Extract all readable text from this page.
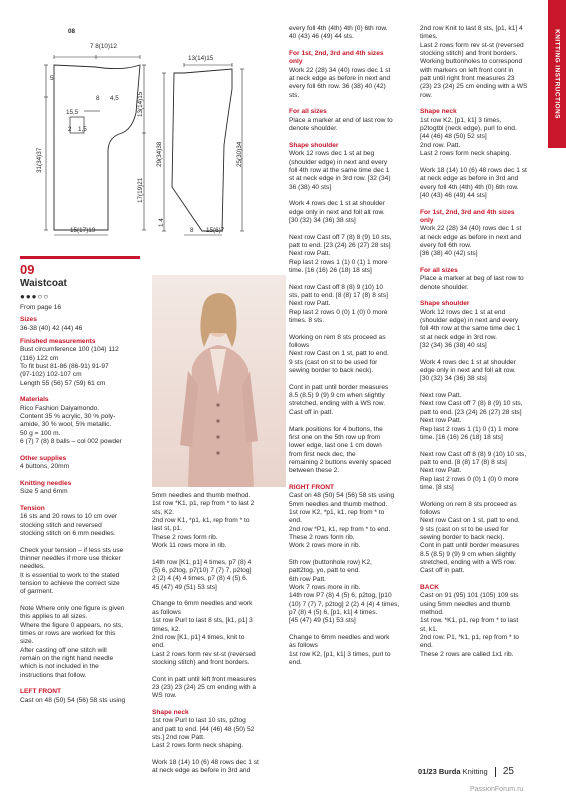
KNITTING INSTRUCTIONS
08
7 8(10)12
5
8 4,5
15,5
1,5
2
31(34)37
13(14)15
17(19)21
15(17)19
13(14)15
29(34)38	25(30)34
8 15(6)7
1 4
09
Waistcoat
●●●○○
From page 16
Sizes
36-38 (40) 42 (44) 46

Finished measurements

Bust circumference 100 (104) 112

(116) 122 cm

To fit bust 81-86 (86-91) 91-97

(97-102) 102-107 cm

Length 55 (56) 57 (59) 61 cm

Materials

Rico Fashion Daiyamondo.

Content 35 % acrylic, 30 % poly-

amide, 30 % wool, 5% metallic.

50 g = 100 m.

6 (7) 7 (8) 8 balls – col 002 powder

Other supplies

4 buttons, 20mm

Knitting needles

Size 5 and 6mm

Tension

16 sts and 20 rows to 10 cm over

stocking stitch and reversed

stocking stitch on 6 mm needles.

Check your tension – if less sts use

thinner needles if more use thicker

needles.

It is essential to work to the stated

tension to achieve the correct size

of garment.

Note Where only one figure is given

this applies to all sizes.

Where the figure 0 appears, no sts,

times or rows are worked for this

size.

After casting off one stitch will

remain on the right hand needle

which is not included in the

instructions that follow.

LEFT FRONT

Cast on 48 (50) 54 (56) 58 sts using

5mm needles and thumb method.

1st row *K1, p1, rep from * to last 2

sts, K2.

2nd row K1, *p1, k1, rep from * to

last st, p1.

These 2 rows form rib.

Work 11 rows more in rib.

14th row [K1, p1] 4 times, p7 (8) 4

(5) 6, p2tog, p7(10) 7 (7) 7, p2tog]

2 (2) 4 (4) 4 times, p7 (8) 4 (5) 6.

45 (47) 49 (51) 53 sts]

Change to 6mm needles and work

as follows

1st row Purl to last 8 sts, [k1, p1] 3

times, k2.

2nd row [K1, p1] 4 times, knit to

end.

Last 2 rows form rev st-st (reversed

stocking stitch) and front borders.

Cont in patt until left front measures

23 (23) 23 (24) 25 cm ending with a

WS row.

Shape neck

1st row Purl to last 10 sts, p2tog

and patt to end. [44 (46) 48 (50) 52

sts.] 2nd row Patt.

Last 2 rows form neck shaping.

Work 18 (14) 10 (6) 48 rows dec 1 st

at neck edge as before in 3rd and

every foll 4th (4th) 4th (0) 6th row.

40 (43) 46 (49) 44 sts.

For 1st, 2nd, 3rd and 4th sizes

only

Work 22 (28) 34 (40) rows dec 1 st

at neck edge as before in next and

every foll 6th row. 36 (38) 40 (42)

sts.

For all sizes

Place a marker at end of last row to

denote shoulder.

Shape shoulder

Work 12 rows dec 1 st at beg

(shoulder edge) in next and every

foll 4th row at the same time dec 1

st at neck edge in 3rd row. [32 (34)

36 (38) 40 sts]

Work 4 rows dec 1 st at shoulder

edge only in next and foll alt row.

[30 (32) 34 (36) 38 sts]

Next row Cast off 7 (8) 8 (9) 10 sts,

patt to end. [23 (24) 26 (27) 28 sts]

Next row Patt.

Rep last 2 rows 1 (1) 0 (1) 1 more

time. [16 (16) 26 (18) 18 sts]

Next row Cast off 8 (8) 9 (10) 10

sts, patt to end. [8 (8) 17 (8) 8 sts]

Next row Patt.

Rep last 2 rows 0 (0) 1 (0) 0 more

times. 8 sts.

Working on rem 8 sts proceed as

follows

Next row Cast on 1 st, patt to end.

9 sts (cast on st to be used for

sewing border to back neck).

Cont in patt until border measures

8.5 (8.5) 9 (9) 9 cm when slightly

stretched, ending with a WS row.

Cast off in patt.

Mark positions for 4 buttons, the

first one on the 5th row up from

lower edge, last one 1 cm down

from first neck dec, the

remaining 2 buttons evenly spaced

between these 2.

RIGHT FRONT

Cast on 48 (50) 54 (56) 58 sts using

5mm needles and thumb method.

1st row K2, *p1, k1, rep from * to

end.

2nd row *P1, k1, rep from * to end.

These 2 rows form rib.

Work 2 rows more in rib.

5th row (buttonhole row) K2,

patt2tog, yo, patt to end.

6th row Patt.

Work 7 rows more in rib.

14th row P7 (8) 4 (5) 6, p2tog, [p10

(10) 7 (7) 7, p2tog] 2 (2) 4 (4) 4 times,

p7 (8) 4 (5) 6, [p1, k1] 4 times.

[45 (47) 49 (51) 53 sts]

Change to 6mm needles and work

as follows

1st row K2, [p1, k1] 3 times, purl to

end.

2nd row Knit to last 8 sts, [p1, k1] 4

times.

Last 2 rows form rev st-st (reversed

stocking stitch) and front borders.

Working buttonholes to correspond

with markers on left front cont in

patt until right front measures 23

(23) 23 (24) 25 cm ending with a WS

row.

Shape neck

1st row K2, [p1, k1] 3 times,

p2togtbl (neck edge), purl to end.

[44 (46) 48 (50) 52 sts]

2nd row. Patt.

Last 2 rows form neck shaping.

Work 18 (14) 10 (6) 48 rows dec 1 st

at neck edge as before in 3rd and

every foll 4th (4th) 4th (0) 6th row.

[40 (43) 46 (49) 44 sts]

For 1st, 2nd, 3rd and 4th sizes

only

Work 22 (28) 34 (40) rows dec 1 st

at neck edge as before in next and

every foll 6th row.

[36 (38) 40 (42) sts]

For all sizes

Place a marker at beg of last row to

denote shoulder.

Shape shoulder

Work 12 rows dec 1 st at end

(shoulder edge) in next and every

foll 4th row at the same time dec 1

st at neck edge in 3rd row.

[32 (34) 36 (38) 40 sts]

Work 4 rows dec 1 st at shoulder

edge only in next and foll alt row.

[30 (32) 34 (36) 38 sts]

Next row Patt.

Next row Cast off 7 (8) 8 (9) 10 sts,

patt to end. [23 (24) 26 (27) 28 sts]

Next row Patt.

Rep last 2 rows 1 (1) 0 (1) 1 more

time. [16 (16) 26 (18) 18 sts]

Next row Cast off 8 (8) 9 (10) 10 sts,

patt to end. [8 (8) 17 (8) 8 sts]

Next row Patt.

Rep last 2 rows 0 (0) 1 (0) 0 more

time. [8 sts]

Working on rem 8 sts proceed as

follows

Next row Cast on 1 st, patt to end.

9 sts (cast on st to be used for

sewing border to back neck).

Cont in patt until border measures

8.5 (8.5) 9 (9) 9 cm when slightly

stretched, ending with a WS row.

Cast off in patt.

BACK

Cast on 91 (95) 101 (105) 109 sts

using 5mm needles and thumb

method.

1st row. *K1, p1, rep from * to last

st, k1.

2nd row. P1, *k1, p1, rep from * to

end.

These 2 rows are called 1x1 rib.

01/23 Burda Knitting 25
PassionForum.ru
